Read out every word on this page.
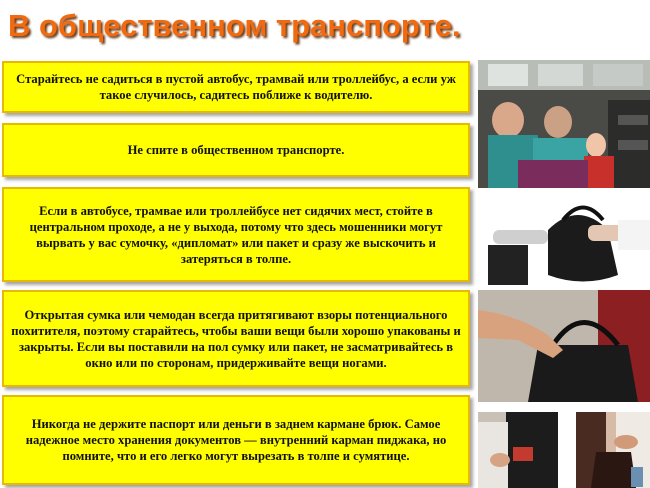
В общественном транспорте.
Старайтесь не садиться в пустой автобус, трамвай или троллейбус, а если уж такое случилось, садитесь поближе к водителю.
Не спите в общественном транспорте.
Если в автобусе, трамвае или троллейбусе нет сидячих мест, стойте в центральном проходе, а не у выхода, потому что здесь мошенники могут вырвать у вас сумочку, «дипломат» или пакет и сразу же выскочить и затеряться в толпе.
Открытая сумка или чемодан всегда притягивают взоры потенциального похитителя, поэтому старайтесь, чтобы ваши вещи были хорошо упакованы и закрыты. Если вы поставили на пол сумку или пакет, не засматривайтесь в окно или по сторонам, придерживайте вещи ногами.
Никогда не держите паспорт или деньги в заднем кармане брюк. Самое надежное место хранения документов — внутренний карман пиджака, но помните, что и его легко могут вырезать в толпе и сумятице.
